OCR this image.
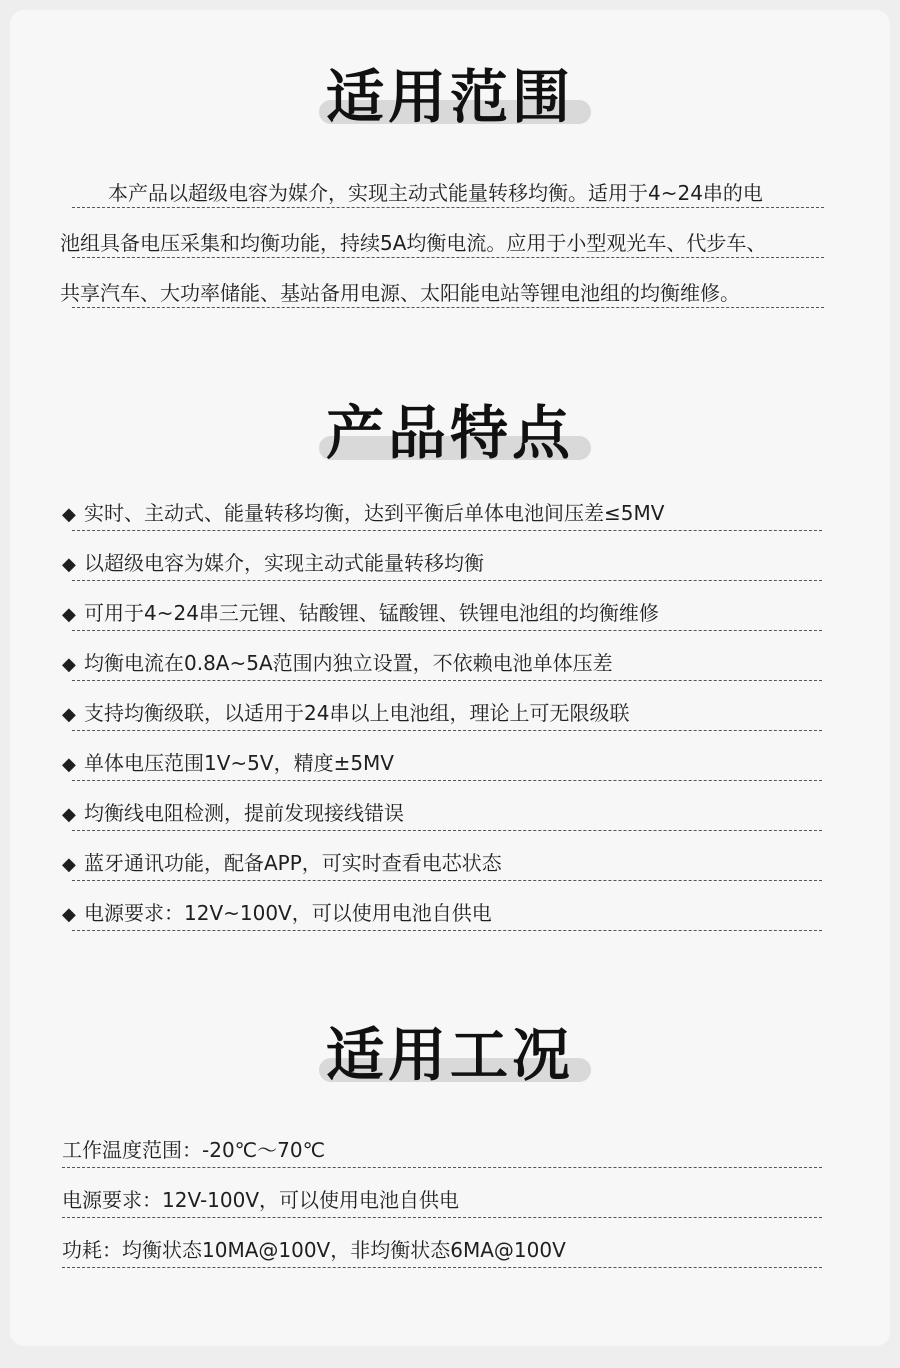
适用范围
本产品以超级电容为媒介，实现主动式能量转移均衡。适用于4~24串的电
池组具备电压采集和均衡功能，持续5A均衡电流。应用于小型观光车、代步车、
共享汽车、大功率储能、基站备用电源、太阳能电站等锂电池组的均衡维修。
产品特点
◆ 实时、主动式、能量转移均衡，达到平衡后单体电池间压差≤5MV
◆ 以超级电容为媒介，实现主动式能量转移均衡
◆ 可用于4~24串三元锂、钴酸锂、锰酸锂、铁锂电池组的均衡维修
◆ 均衡电流在0.8A~5A范围内独立设置，不依赖电池单体压差
◆ 支持均衡级联，以适用于24串以上电池组，理论上可无限级联
◆ 单体电压范围1V~5V，精度±5MV
◆ 均衡线电阻检测，提前发现接线错误
◆ 蓝牙通讯功能，配备APP，可实时查看电芯状态
◆ 电源要求：12V~100V，可以使用电池自供电
适用工况
工作温度范围：-20℃～70℃
电源要求：12V-100V，可以使用电池自供电
功耗：均衡状态10MA@100V，非均衡状态6MA@100V
